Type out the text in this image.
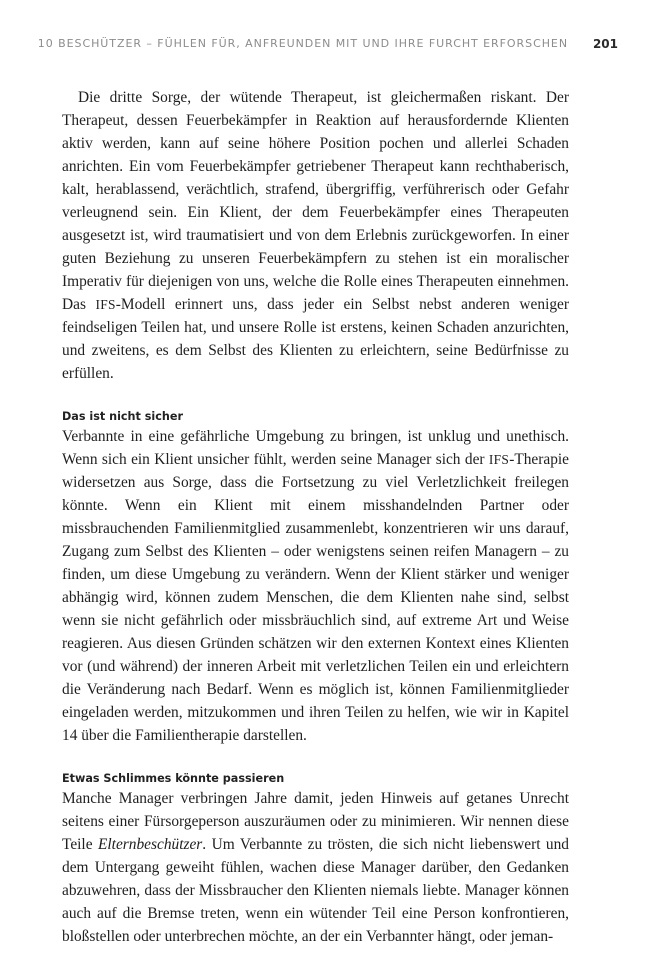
10 BESCHÜTZER – FÜHLEN FÜR, ANFREUNDEN MIT UND IHRE FURCHT ERFORSCHEN 201

Die dritte Sorge, der wütende Therapeut, ist gleichermaßen riskant. Der Therapeut, dessen Feuerbekämpfer in Reaktion auf herausfordernde Klienten aktiv werden, kann auf seine höhere Position pochen und allerlei Schaden anrichten. Ein vom Feuerbekämpfer getriebener Therapeut kann rechthaberisch, kalt, herablassend, verächtlich, strafend, übergriffig, verführerisch oder Gefahr verleugnend sein. Ein Klient, der dem Feuerbekämpfer eines Therapeuten ausgesetzt ist, wird traumatisiert und von dem Erlebnis zurückgeworfen. In einer guten Beziehung zu unseren Feuerbekämpfern zu stehen ist ein moralischer Imperativ für diejenigen von uns, welche die Rolle eines Therapeuten einnehmen. Das IFS-Modell erinnert uns, dass jeder ein Selbst nebst anderen weniger feindseligen Teilen hat, und unsere Rolle ist erstens, keinen Schaden anzurichten, und zweitens, es dem Selbst des Klienten zu erleichtern, seine Bedürfnisse zu erfüllen.

Das ist nicht sicher

Verbannte in eine gefährliche Umgebung zu bringen, ist unklug und unethisch. Wenn sich ein Klient unsicher fühlt, werden seine Manager sich der IFS-Therapie widersetzen aus Sorge, dass die Fortsetzung zu viel Verletzlichkeit freilegen könnte. Wenn ein Klient mit einem misshandelnden Partner oder missbrauchenden Familienmitglied zusammenlebt, konzentrieren wir uns darauf, Zugang zum Selbst des Klienten – oder wenigstens seinen reifen Managern – zu finden, um diese Umgebung zu verändern. Wenn der Klient stärker und weniger abhängig wird, können zudem Menschen, die dem Klienten nahe sind, selbst wenn sie nicht gefährlich oder missbräuchlich sind, auf extreme Art und Weise reagieren. Aus diesen Gründen schätzen wir den externen Kontext eines Klienten vor (und während) der inneren Arbeit mit verletzlichen Teilen ein und erleichtern die Veränderung nach Bedarf. Wenn es möglich ist, können Familienmitglieder eingeladen werden, mitzukommen und ihren Teilen zu helfen, wie wir in Kapitel 14 über die Familientherapie darstellen.

Etwas Schlimmes könnte passieren

Manche Manager verbringen Jahre damit, jeden Hinweis auf getanes Unrecht seitens einer Fürsorgeperson auszuräumen oder zu minimieren. Wir nennen diese Teile Elternbeschützer. Um Verbannte zu trösten, die sich nicht liebenswert und dem Untergang geweiht fühlen, wachen diese Manager darüber, den Gedanken abzuwehren, dass der Missbraucher den Klienten niemals liebte. Manager können auch auf die Bremse treten, wenn ein wütender Teil eine Person konfrontieren, bloßstellen oder unterbrechen möchte, an der ein Verbannter hängt, oder jeman-
